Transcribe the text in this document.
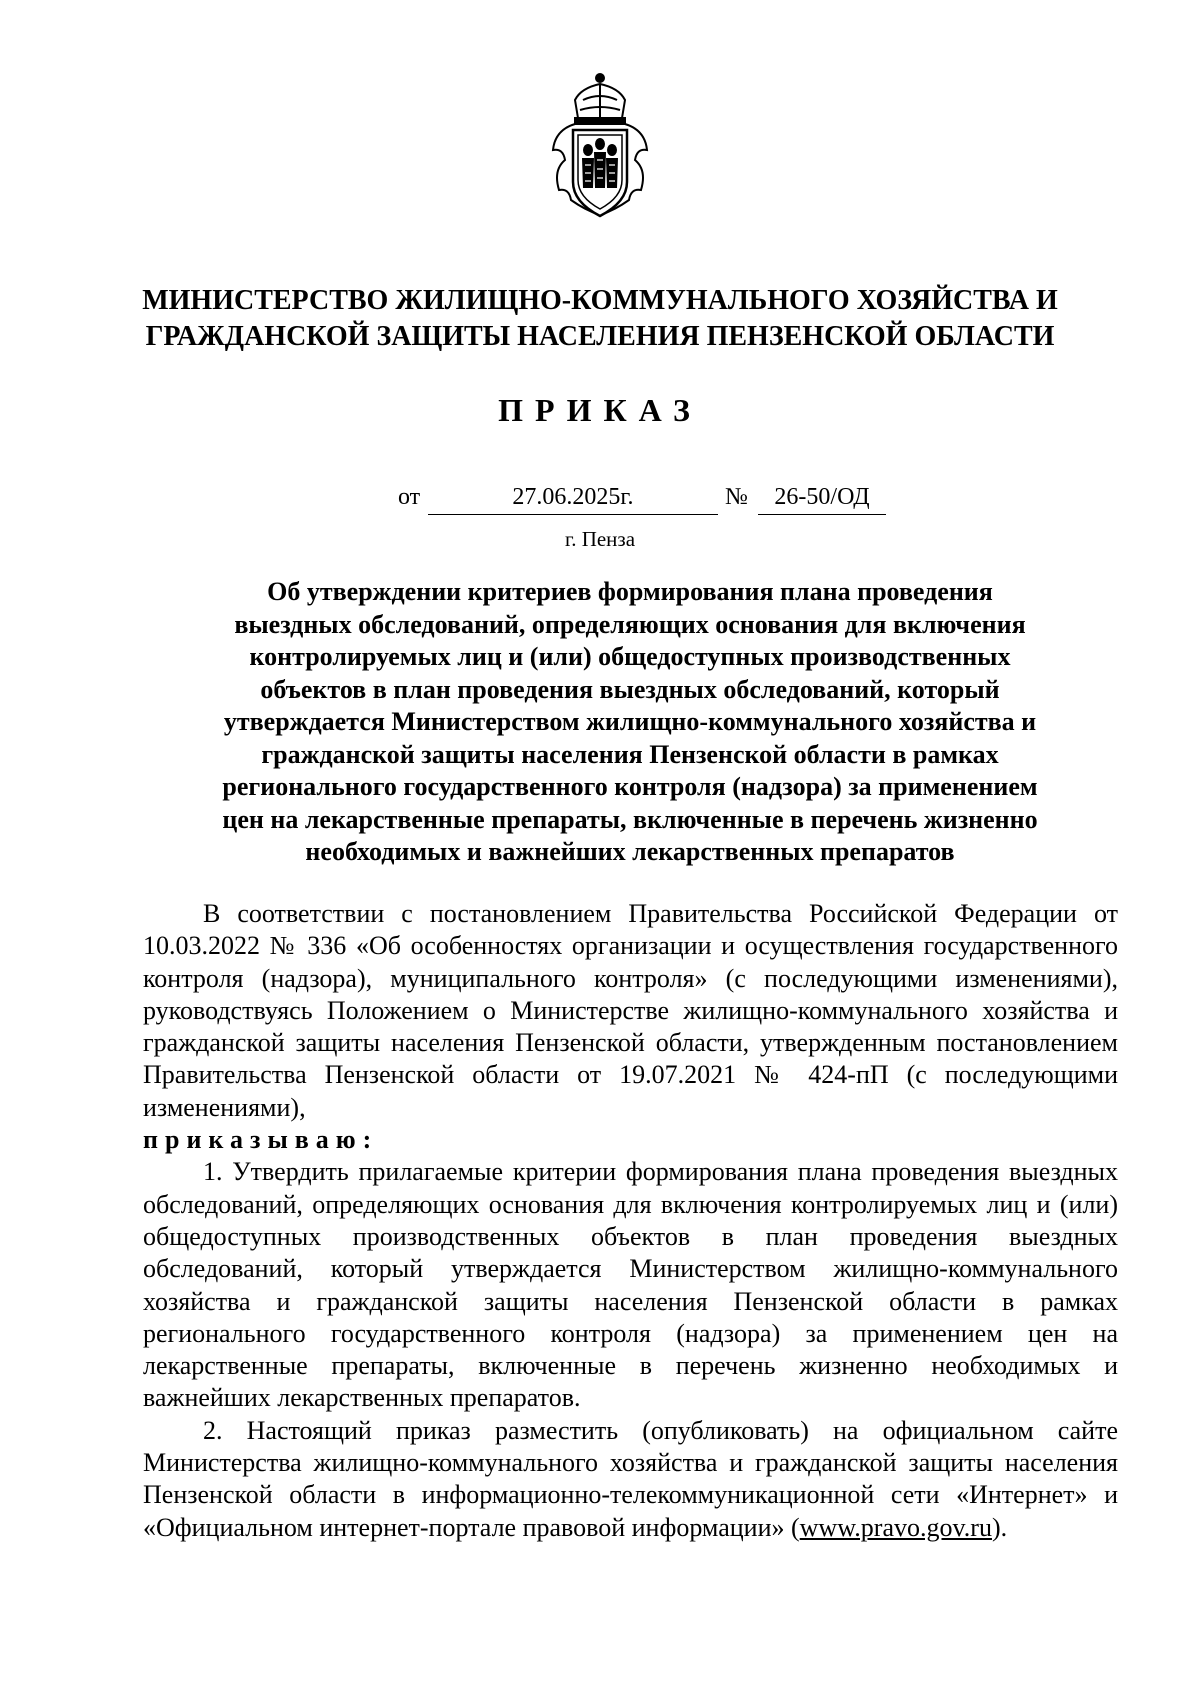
МИНИСТЕРСТВО ЖИЛИЩНО-КОММУНАЛЬНОГО ХОЗЯЙСТВА И
ГРАЖДАНСКОЙ ЗАЩИТЫ НАСЕЛЕНИЯ ПЕНЗЕНСКОЙ ОБЛАСТИ
ПРИКАЗ
от	27.06.2025г.	№	26-50/ОД
г. Пенза
Об утверждении критериев формирования плана проведения
выездных обследований, определяющих основания для включения
контролируемых лиц и (или) общедоступных производственных
объектов в план проведения выездных обследований, который
утверждается Министерством жилищно-коммунального хозяйства и
гражданской защиты населения Пензенской области в рамках
регионального государственного контроля (надзора) за применением
цен на лекарственные препараты, включенные в перечень жизненно
необходимых и важнейших лекарственных препаратов

В соответствии с постановлением Правительства Российской Федерации от 10.03.2022 № 336 «Об особенностях организации и осуществления государственного контроля (надзора), муниципального контроля» (с последующими изменениями), руководствуясь Положением о Министерстве жилищно-коммунального хозяйства и гражданской защиты населения Пензенской области, утвержденным постановлением Правительства Пензенской области от 19.07.2021 № 424-пП (с последующими изменениями),

приказываю:

1. Утвердить прилагаемые критерии формирования плана проведения выездных обследований, определяющих основания для включения контролируемых лиц и (или) общедоступных производственных объектов в план проведения выездных обследований, который утверждается Министерством жилищно-коммунального хозяйства и гражданской защиты населения Пензенской области в рамках регионального государственного контроля (надзора) за применением цен на лекарственные препараты, включенные в перечень жизненно необходимых и важнейших лекарственных препаратов.

2. Настоящий приказ разместить (опубликовать) на официальном сайте Министерства жилищно-коммунального хозяйства и гражданской защиты населения Пензенской области в информационно-телекоммуникационной сети «Интернет» и «Официальном интернет-портале правовой информации» (www.pravo.gov.ru).
